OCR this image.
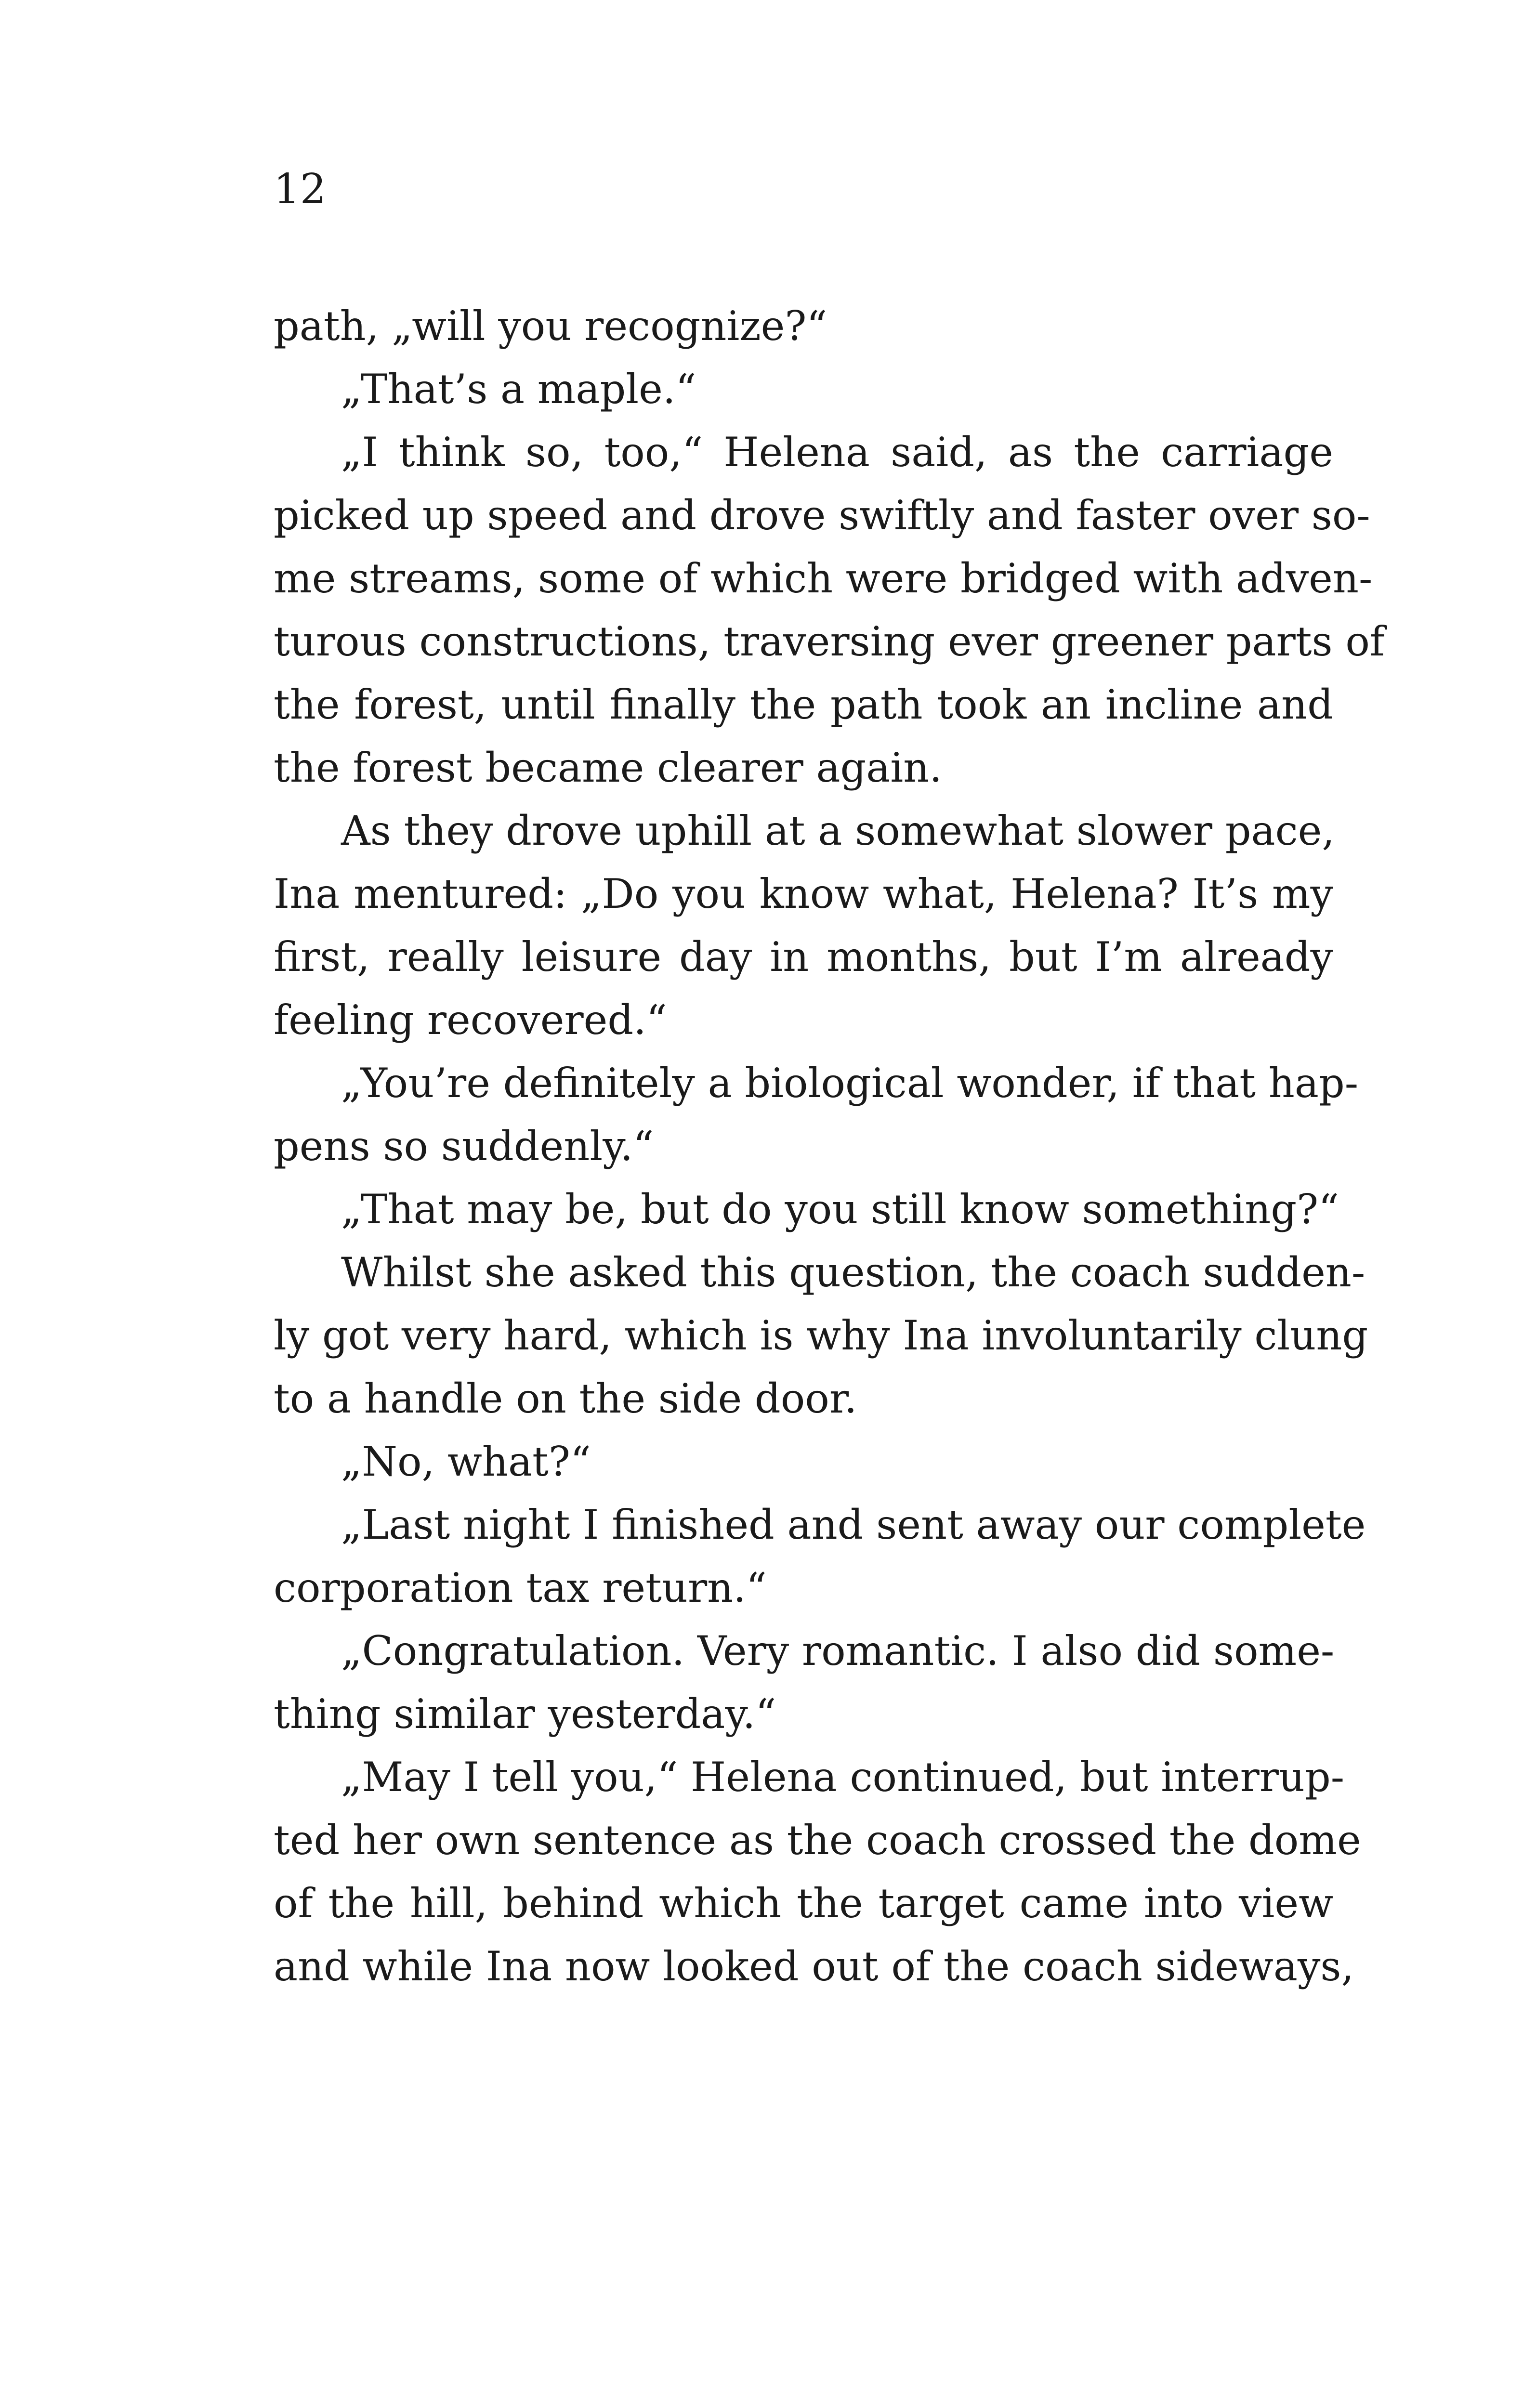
12
path, „will you recognize?“
„That’s a maple.“
„I think so, too,“ Helena said, as the carriage
picked up speed and drove swiftly and faster over so-
me streams, some of which were bridged with adven-
turous constructions, traversing ever greener parts of
the forest, until finally the path took an incline and
the forest became clearer again.
As they drove uphill at a somewhat slower pace,
Ina mentured: „Do you know what, Helena? It’s my
first, really leisure day in months, but I’m already
feeling recovered.“
„You’re definitely a biological wonder, if that hap-
pens so suddenly.“
„That may be, but do you still know something?“
Whilst she asked this question, the coach sudden-
ly got very hard, which is why Ina involuntarily clung
to a handle on the side door.
„No, what?“
„Last night I finished and sent away our complete
corporation tax return.“
„Congratulation. Very romantic. I also did some-
thing similar yesterday.“
„May I tell you,“ Helena continued, but interrup-
ted her own sentence as the coach crossed the dome
of the hill, behind which the target came into view
and while Ina now looked out of the coach sideways,
